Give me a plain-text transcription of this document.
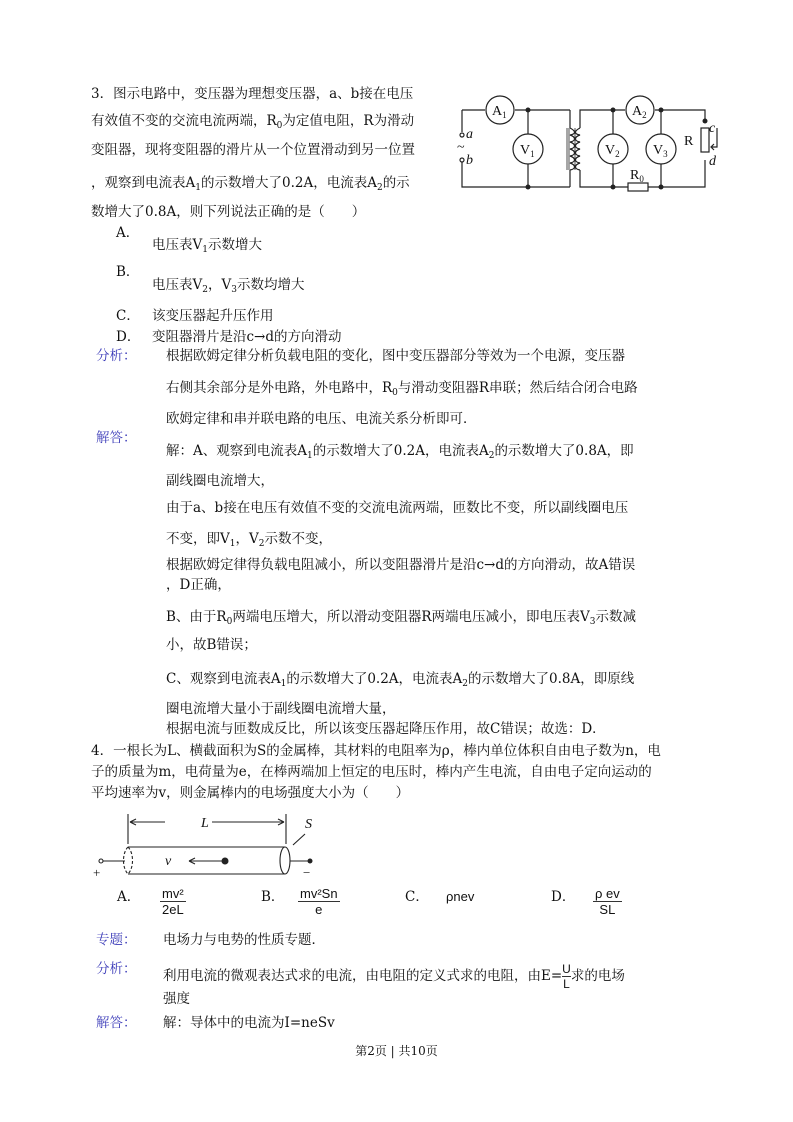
3．图示电路中，变压器为理想变压器，a、b接在电压
有效值不变的交流电流两端，$R_0$为定值电阻，R为滑动
变阻器，现将变阻器的滑片从一个位置滑动到另一位置
，观察到电流表$A_1$的示数增大了0.2A，电流表$A_2$的示
数增大了0.8A，则下列说法正确的是（　　）
A．
电压表$V_1$示数增大
B．
电压表$V_2$，$V_3$示数均增大
C． 该变压器起升压作用
D． 变阻器滑片是沿c→d的方向滑动
分析： 根据欧姆定律分析负载电阻的变化，图中变压器部分等效为一个电源，变压器
右侧其余部分是外电路，外电路中，$R_0$与滑动变阻器R串联；然后结合闭合电路
欧姆定律和串并联电路的电压、电流关系分析即可．
解答：
解：A、观察到电流表$A_1$的示数增大了0.2A，电流表$A_2$的示数增大了0.8A，即
副线圈电流增大，
由于a、b接在电压有效值不变的交流电流两端，匝数比不变，所以副线圈电压
不变，即$V_1$，$V_2$示数不变，
根据欧姆定律得负载电阻减小，所以变阻器滑片是沿c→d的方向滑动，故A错误
，D正确，
B、由于$R_0$两端电压增大，所以滑动变阻器R两端电压减小，即电压表$V_3$示数减
小，故B错误；
C、观察到电流表$A_1$的示数增大了0.2A，电流表$A_2$的示数增大了0.8A，即原线
圈电流增大量小于副线圈电流增大量，
根据电流与匝数成反比，所以该变压器起降压作用，故C错误；故选：D．
$A_1$
$V_1$
$A_2$
$V_2$ $V_3$
R
$R_0$
a
b
~
c
d
4．一根长为L、横截面积为S的金属棒，其材料的电阻率为ρ，棒内单位体积自由电子数为n，电
子的质量为m，电荷量为e，在棒两端加上恒定的电压时，棒内产生电流，自由电子定向运动的
平均速率为v，则金属棒内的电场强度大小为（　　）
L	S
v
+	−
A． $\frac{\text{mv²}}{2eL}$	B． $\frac{\text{mv²Sn}}{e}$	C． ρnev	D． $\frac{\text{ρ ev}}{SL}$
专题： 电场力与电势的性质专题．
分析： 利用电流的微观表达式求的电流，由电阻的定义式求的电阻，由$E= \frac{U}{L}$ 求的电场
强度
解答： 解：导体中的电流为I=neSv
第2页 | 共10页
